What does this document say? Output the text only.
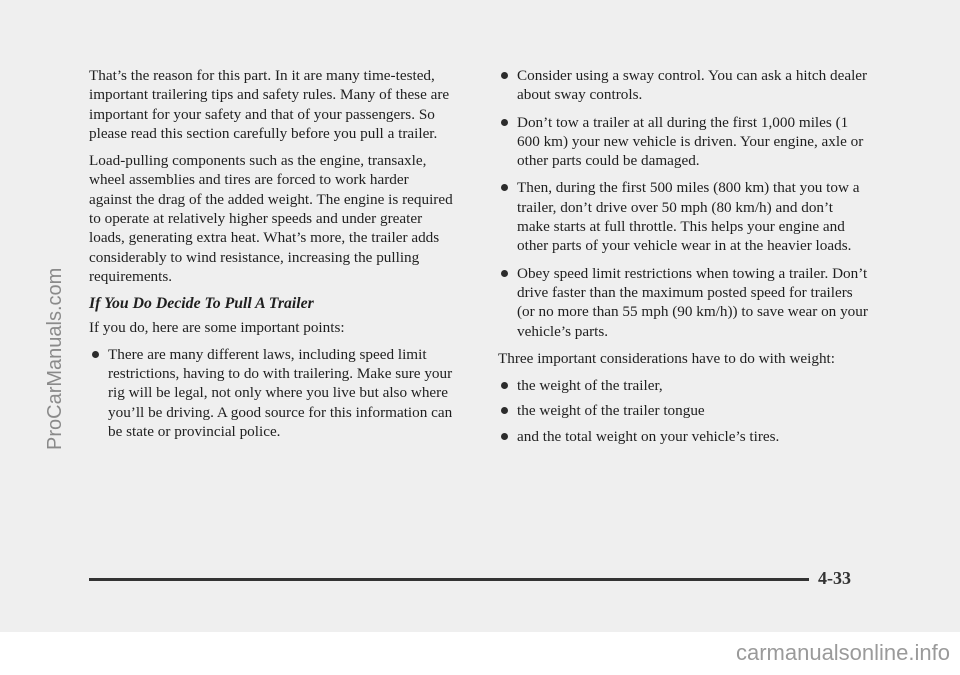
That’s the reason for this part. In it are many time-tested, important trailering tips and safety rules. Many of these are important for your safety and that of your passengers. So please read this section carefully before you pull a trailer.

Load-pulling components such as the engine, transaxle, wheel assemblies and tires are forced to work harder against the drag of the added weight. The engine is required to operate at relatively higher speeds and under greater loads, generating extra heat. What’s more, the trailer adds considerably to wind resistance, increasing the pulling requirements.

If You Do Decide To Pull A Trailer

If you do, here are some important points:

There are many different laws, including speed limit restrictions, having to do with trailering. Make sure your rig will be legal, not only where you live but also where you’ll be driving. A good source for this information can be state or provincial police.
Consider using a sway control. You can ask a hitch dealer about sway controls.
Don’t tow a trailer at all during the first 1,000 miles (1 600 km) your new vehicle is driven. Your engine, axle or other parts could be damaged.
Then, during the first 500 miles (800 km) that you tow a trailer, don’t drive over 50 mph (80 km/h) and don’t make starts at full throttle. This helps your engine and other parts of your vehicle wear in at the heavier loads.
Obey speed limit restrictions when towing a trailer. Don’t drive faster than the maximum posted speed for trailers (or no more than 55 mph (90 km/h)) to save wear on your vehicle’s parts.

Three important considerations have to do with weight:

the weight of the trailer,
the weight of the trailer tongue
and the total weight on your vehicle’s tires.
4-33
ProCarManuals.com
carmanualsonline.info
